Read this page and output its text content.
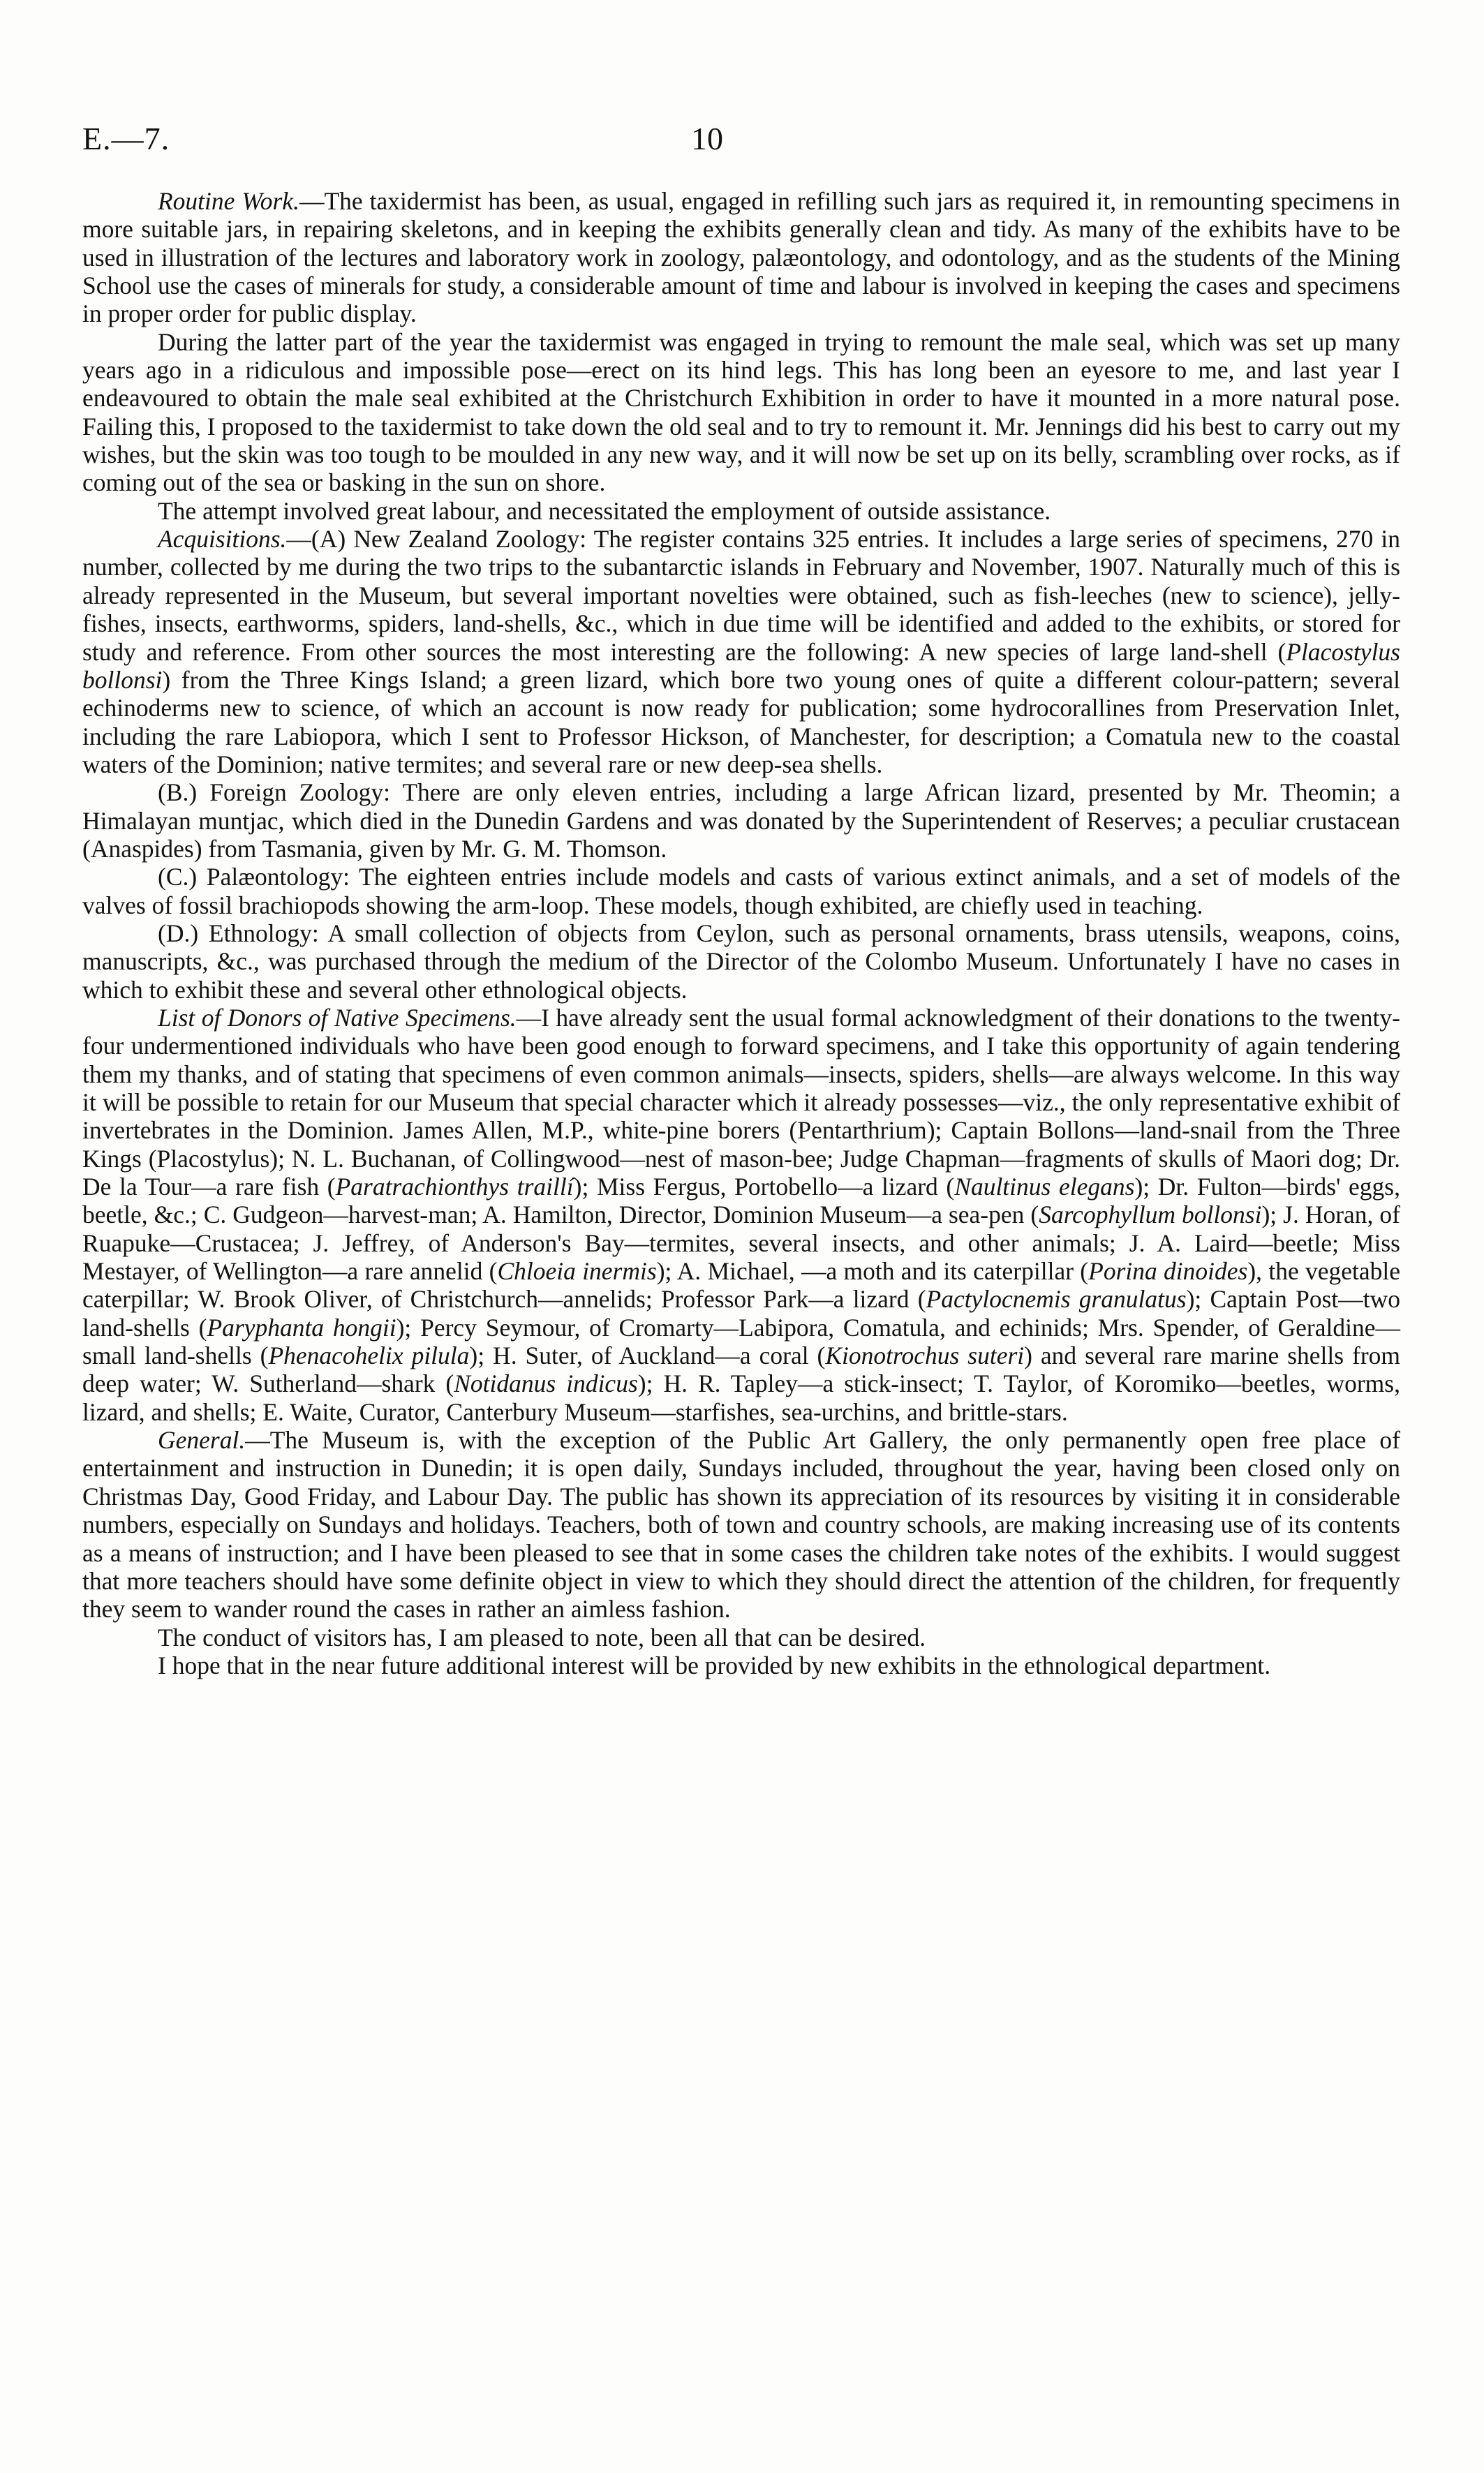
E.—7.	10

Routine Work.—The taxidermist has been, as usual, engaged in refilling such jars as required it, in remounting specimens in more suitable jars, in repairing skeletons, and in keeping the exhibits generally clean and tidy. As many of the exhibits have to be used in illustration of the lectures and laboratory work in zoology, palæontology, and odontology, and as the students of the Mining School use the cases of minerals for study, a considerable amount of time and labour is involved in keeping the cases and specimens in proper order for public display.

During the latter part of the year the taxidermist was engaged in trying to remount the male seal, which was set up many years ago in a ridiculous and impossible pose—erect on its hind legs. This has long been an eyesore to me, and last year I endeavoured to obtain the male seal exhibited at the Christchurch Exhibition in order to have it mounted in a more natural pose. Failing this, I proposed to the taxidermist to take down the old seal and to try to remount it. Mr. Jennings did his best to carry out my wishes, but the skin was too tough to be moulded in any new way, and it will now be set up on its belly, scrambling over rocks, as if coming out of the sea or basking in the sun on shore.

The attempt involved great labour, and necessitated the employment of outside assistance.

Acquisitions.—(A) New Zealand Zoology: The register contains 325 entries. It includes a large series of specimens, 270 in number, collected by me during the two trips to the subantarctic islands in February and November, 1907. Naturally much of this is already represented in the Museum, but several important novelties were obtained, such as fish-leeches (new to science), jelly-fishes, insects, earthworms, spiders, land-shells, &c., which in due time will be identified and added to the exhibits, or stored for study and reference. From other sources the most interesting are the following: A new species of large land-shell (Placostylus bollonsi) from the Three Kings Island; a green lizard, which bore two young ones of quite a different colour-pattern; several echinoderms new to science, of which an account is now ready for publication; some hydrocorallines from Preservation Inlet, including the rare Labiopora, which I sent to Professor Hickson, of Manchester, for description; a Comatula new to the coastal waters of the Dominion; native termites; and several rare or new deep-sea shells.

(B.) Foreign Zoology: There are only eleven entries, including a large African lizard, presented by Mr. Theomin; a Himalayan muntjac, which died in the Dunedin Gardens and was donated by the Superintendent of Reserves; a peculiar crustacean (Anaspides) from Tasmania, given by Mr. G. M. Thomson.

(C.) Palæontology: The eighteen entries include models and casts of various extinct animals, and a set of models of the valves of fossil brachiopods showing the arm-loop. These models, though exhibited, are chiefly used in teaching.

(D.) Ethnology: A small collection of objects from Ceylon, such as personal ornaments, brass utensils, weapons, coins, manuscripts, &c., was purchased through the medium of the Director of the Colombo Museum. Unfortunately I have no cases in which to exhibit these and several other ethnological objects.

List of Donors of Native Specimens.—I have already sent the usual formal acknowledgment of their donations to the twenty-four undermentioned individuals who have been good enough to forward specimens, and I take this opportunity of again tendering them my thanks, and of stating that specimens of even common animals—insects, spiders, shells—are always welcome. In this way it will be possible to retain for our Museum that special character which it already possesses—viz., the only representative exhibit of invertebrates in the Dominion. James Allen, M.P., white-pine borers (Pentarthrium); Captain Bollons—land-snail from the Three Kings (Placostylus); N. L. Buchanan, of Collingwood—nest of mason-bee; Judge Chapman—fragments of skulls of Maori dog; Dr. De la Tour—a rare fish (Paratrachionthys traillí); Miss Fergus, Portobello—a lizard (Naultinus elegans); Dr. Fulton—birds' eggs, beetle, &c.; C. Gudgeon—harvest-man; A. Hamilton, Director, Dominion Museum—a sea-pen (Sarcophyllum bollonsi); J. Horan, of Ruapuke—Crustacea; J. Jeffrey, of Anderson's Bay—termites, several insects, and other animals; J. A. Laird—beetle; Miss Mestayer, of Wellington—a rare annelid (Chloeia inermis); A. Michael, —a moth and its caterpillar (Porina dinoides), the vegetable caterpillar; W. Brook Oliver, of Christchurch—annelids; Professor Park—a lizard (Pactylocnemis granulatus); Captain Post—two land-shells (Paryphanta hongii); Percy Seymour, of Cromarty—Labipora, Comatula, and echinids; Mrs. Spender, of Geraldine—small land-shells (Phenacohelix pilula); H. Suter, of Auckland—a coral (Kionotrochus suteri) and several rare marine shells from deep water; W. Sutherland—shark (Notidanus indicus); H. R. Tapley—a stick-insect; T. Taylor, of Koromiko—beetles, worms, lizard, and shells; E. Waite, Curator, Canterbury Museum—starfishes, sea-urchins, and brittle-stars.

General.—The Museum is, with the exception of the Public Art Gallery, the only permanently open free place of entertainment and instruction in Dunedin; it is open daily, Sundays included, throughout the year, having been closed only on Christmas Day, Good Friday, and Labour Day. The public has shown its appreciation of its resources by visiting it in considerable numbers, especially on Sundays and holidays. Teachers, both of town and country schools, are making increasing use of its contents as a means of instruction; and I have been pleased to see that in some cases the children take notes of the exhibits. I would suggest that more teachers should have some definite object in view to which they should direct the attention of the children, for frequently they seem to wander round the cases in rather an aimless fashion.

The conduct of visitors has, I am pleased to note, been all that can be desired.

I hope that in the near future additional interest will be provided by new exhibits in the ethnological department.
